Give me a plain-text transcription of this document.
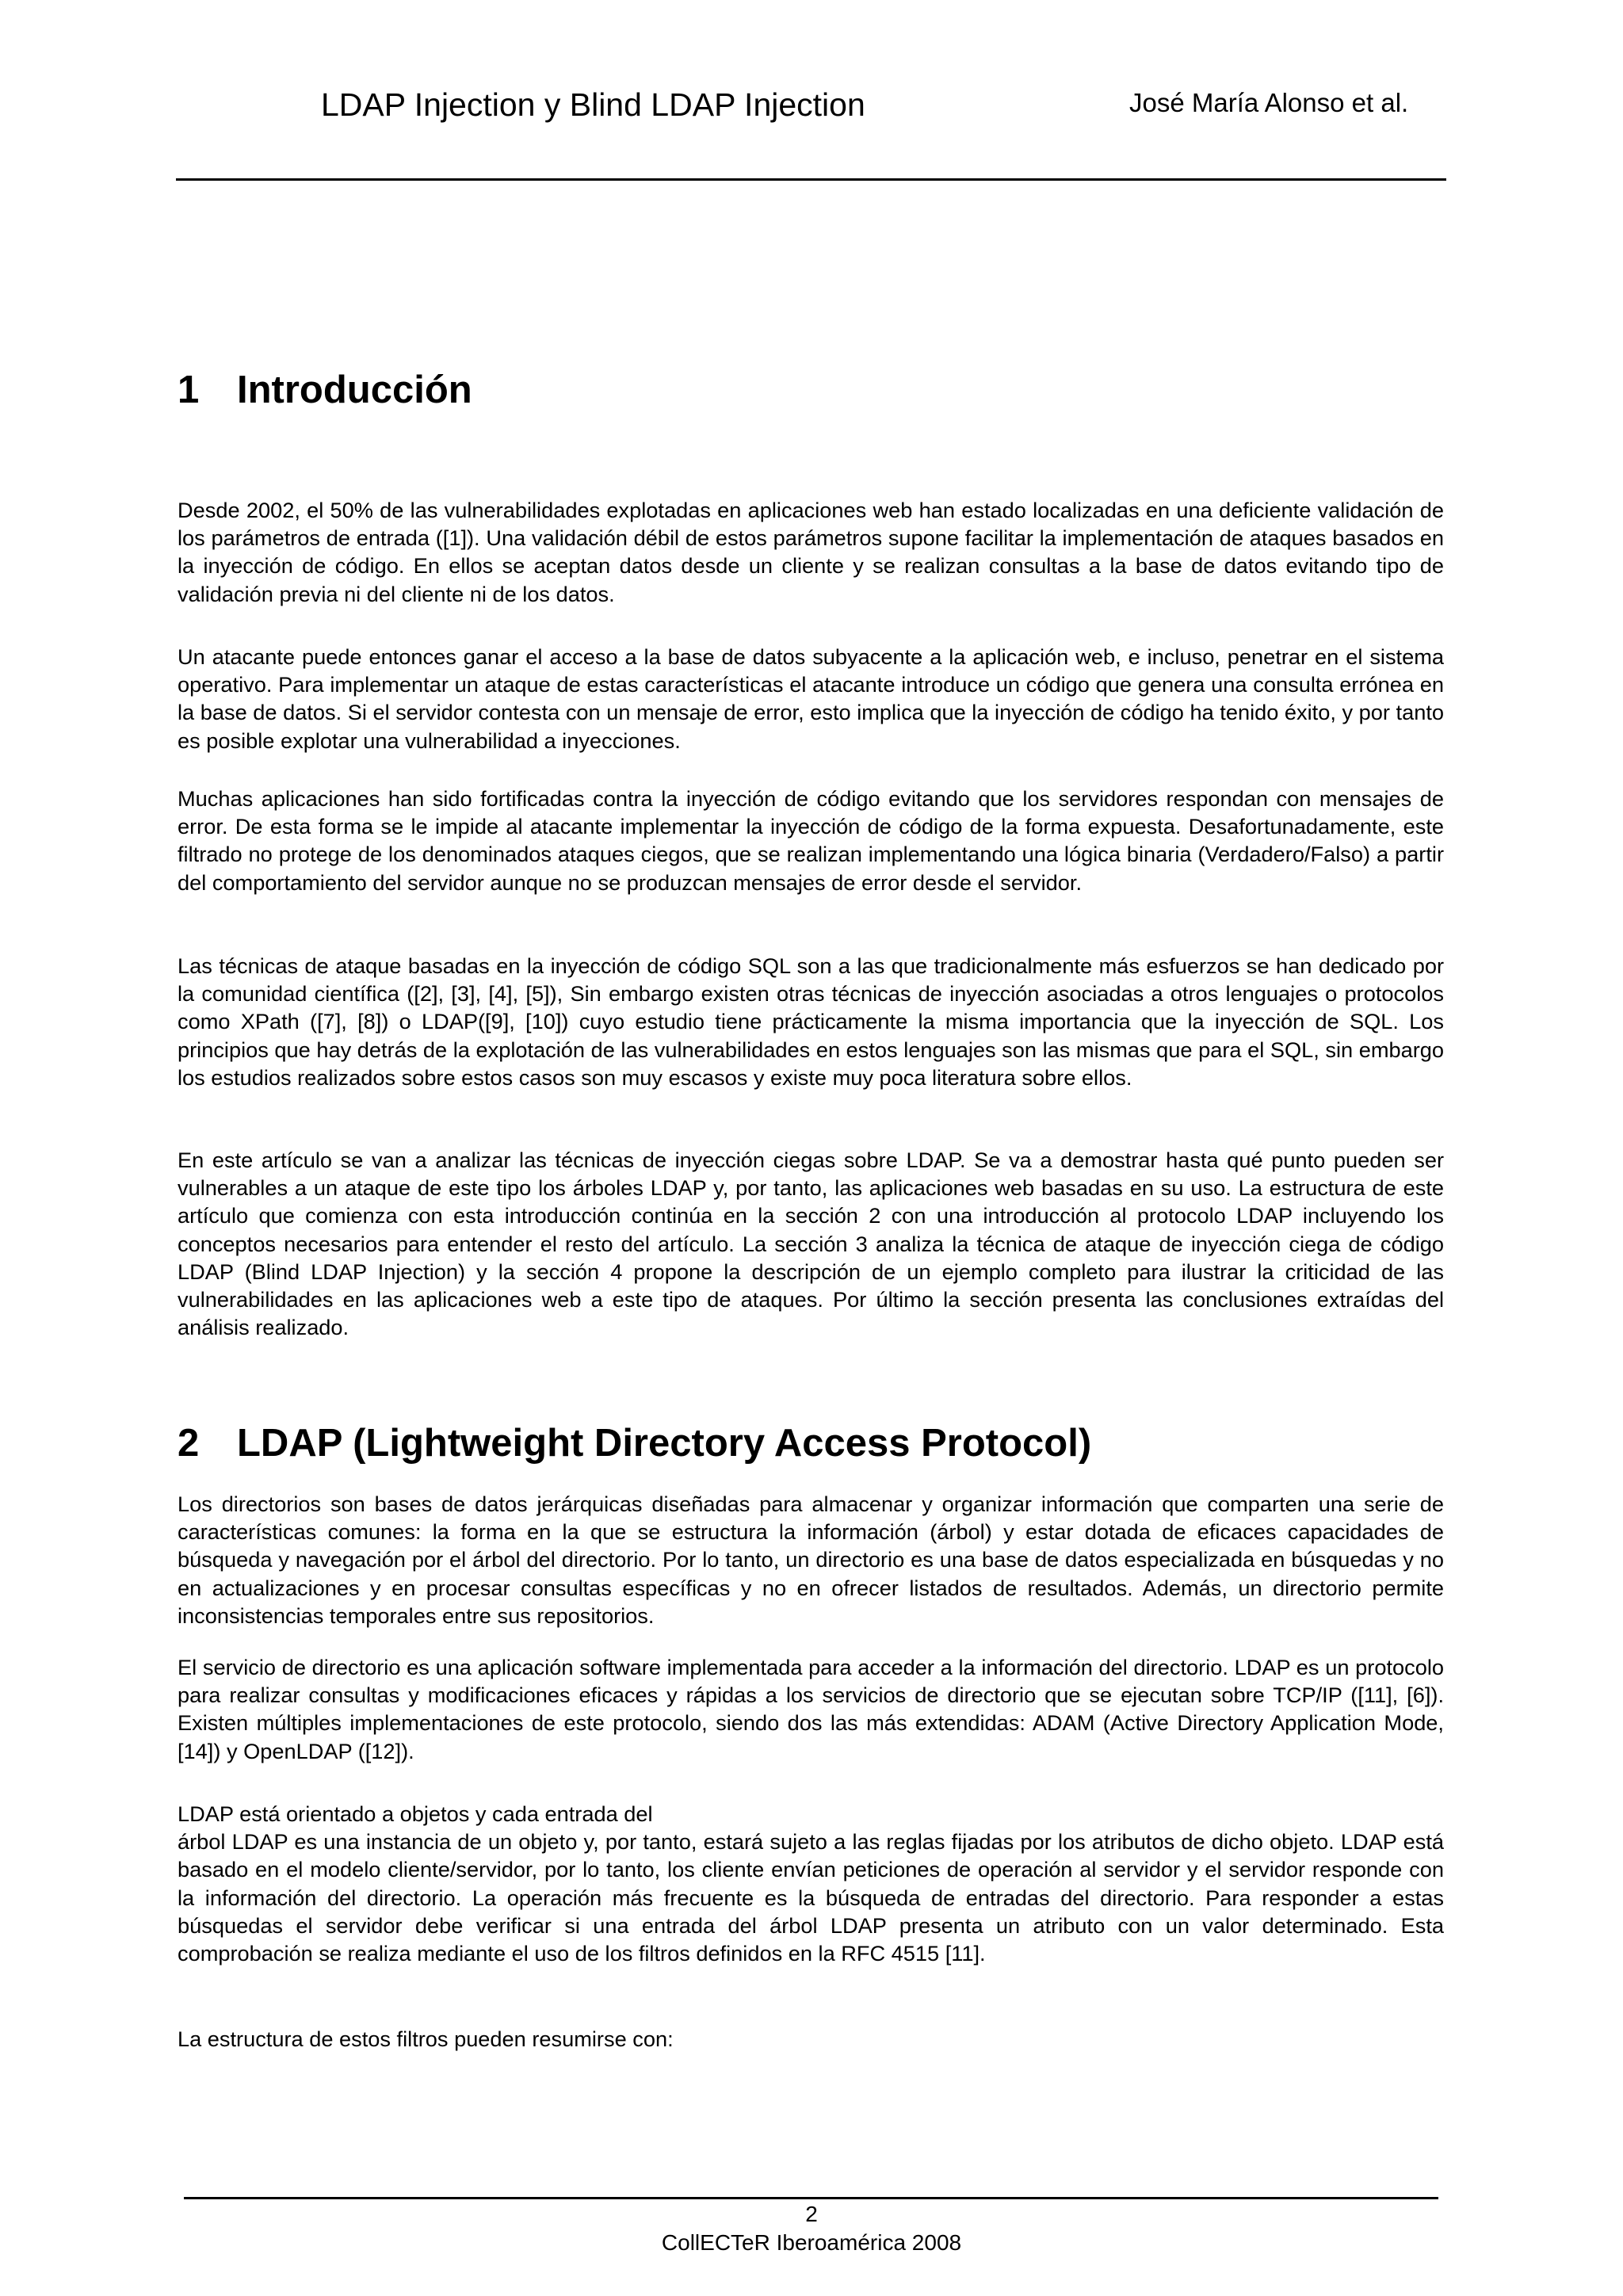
LDAP Injection y Blind LDAP Injection	José María Alonso et al.
1 Introducción

Desde 2002, el 50% de las vulnerabilidades explotadas en aplicaciones web han estado localizadas en una deficiente validación de los parámetros de entrada ([1]). Una validación débil de estos parámetros supone facilitar la implementación de ataques basados en la inyección de código. En ellos se aceptan datos desde un cliente y se realizan consultas a la base de datos evitando tipo de validación previa ni del cliente ni de los datos.

Un atacante puede entonces ganar el acceso a la base de datos subyacente a la aplicación web, e incluso, penetrar en el sistema operativo. Para implementar un ataque de estas características el atacante introduce un código que genera una consulta errónea en la base de datos. Si el servidor contesta con un mensaje de error, esto implica que la inyección de código ha tenido éxito, y por tanto es posible explotar una vulnerabilidad a inyecciones.

Muchas aplicaciones han sido fortificadas contra la inyección de código evitando que los servidores respondan con mensajes de error. De esta forma se le impide al atacante implementar la inyección de código de la forma expuesta. Desafortunadamente, este filtrado no protege de los denominados ataques ciegos, que se realizan implementando una lógica binaria (Verdadero/Falso) a partir del comportamiento del servidor aunque no se produzcan mensajes de error desde el servidor.

Las técnicas de ataque basadas en la inyección de código SQL son a las que tradicionalmente más esfuerzos se han dedicado por la comunidad científica ([2], [3], [4], [5]), Sin embargo existen otras técnicas de inyección asociadas a otros lenguajes o protocolos como XPath ([7], [8]) o LDAP([9], [10]) cuyo estudio tiene prácticamente la misma importancia que la inyección de SQL. Los principios que hay detrás de la explotación de las vulnerabilidades en estos lenguajes son las mismas que para el SQL, sin embargo los estudios realizados sobre estos casos son muy escasos y existe muy poca literatura sobre ellos.

En este artículo se van a analizar las técnicas de inyección ciegas sobre LDAP. Se va a demostrar hasta qué punto pueden ser vulnerables a un ataque de este tipo los árboles LDAP y, por tanto, las aplicaciones web basadas en su uso. La estructura de este artículo que comienza con esta introducción continúa en la sección 2 con una introducción al protocolo LDAP incluyendo los conceptos necesarios para entender el resto del artículo. La sección 3 analiza la técnica de ataque de inyección ciega de código LDAP (Blind LDAP Injection) y la sección 4 propone la descripción de un ejemplo completo para ilustrar la criticidad de las vulnerabilidades en las aplicaciones web a este tipo de ataques. Por último la sección presenta las conclusiones extraídas del análisis realizado.

2 LDAP (Lightweight Directory Access Protocol)

Los directorios son bases de datos jerárquicas diseñadas para almacenar y organizar información que comparten una serie de características comunes: la forma en la que se estructura la información (árbol) y estar dotada de eficaces capacidades de búsqueda y navegación por el árbol del directorio. Por lo tanto, un directorio es una base de datos especializada en búsquedas y no en actualizaciones y en procesar consultas específicas y no en ofrecer listados de resultados. Además, un directorio permite inconsistencias temporales entre sus repositorios.

El servicio de directorio es una aplicación software implementada para acceder a la información del directorio. LDAP es un protocolo para realizar consultas y modificaciones eficaces y rápidas a los servicios de directorio que se ejecutan sobre TCP/IP ([11], [6]). Existen múltiples implementaciones de este protocolo, siendo dos las más extendidas: ADAM (Active Directory Application Mode, [14]) y OpenLDAP ([12]).

LDAP está orientado a objetos y cada entrada del
árbol LDAP es una instancia de un objeto y, por tanto, estará sujeto a las reglas fijadas por los atributos de dicho objeto. LDAP está basado en el modelo cliente/servidor, por lo tanto, los cliente envían peticiones de operación al servidor y el servidor responde con la información del directorio. La operación más frecuente es la búsqueda de entradas del directorio. Para responder a estas búsquedas el servidor debe verificar si una entrada del árbol LDAP presenta un atributo con un valor determinado. Esta comprobación se realiza mediante el uso de los filtros definidos en la RFC 4515 [11].

La estructura de estos filtros pueden resumirse con:

2
CollECTeR Iberoamérica 2008
